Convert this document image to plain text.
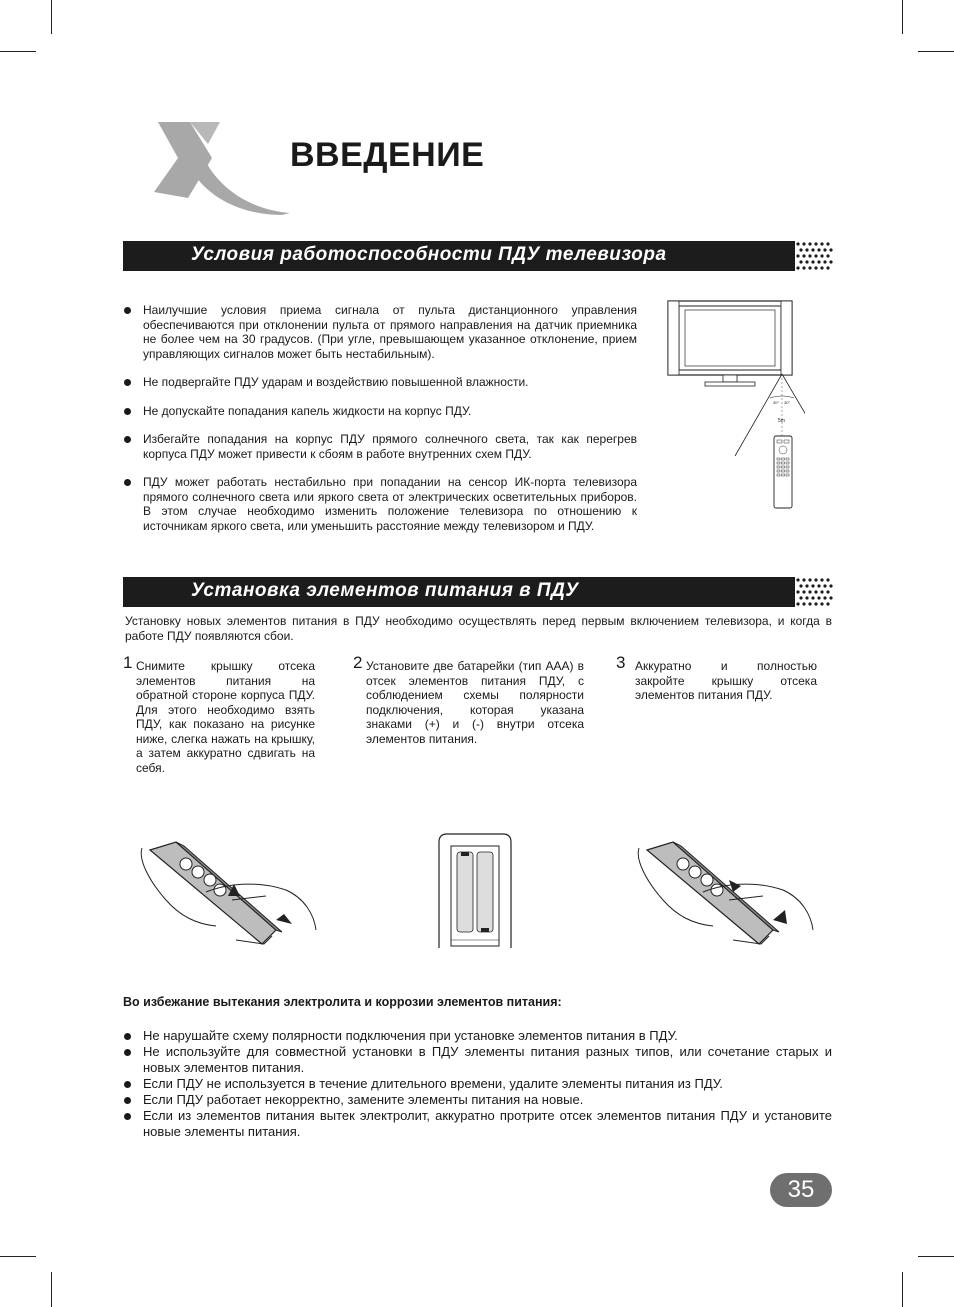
ВВЕДЕНИЕ
Условия работоспособности ПДУ телевизора
Наилучшие условия приема сигнала от пульта дистанционного управления обеспечиваются при отклонении пульта от прямого направления на датчик приемника не более чем на 30 градусов. (При угле, превышающем указанное отклонение, прием управляющих сигналов может быть нестабильным).
Не подвергайте ПДУ ударам и воздействию повышенной влажности.
Не допускайте попадания капель жидкости на корпус ПДУ.
Избегайте попадания на корпус ПДУ прямого солнечного света, так как перегрев корпуса ПДУ может привести к сбоям в работе внутренних схем ПДУ.
ПДУ может работать нестабильно при попадании на сенсор ИК-порта телевизора прямого солнечного света или яркого света от электрических осветительных приборов. В этом случае необходимо изменить положение телевизора по отношению к источникам яркого света, или уменьшить расстояние между телевизором и ПДУ.
30° 30°
5m
Установка элементов питания в ПДУ
Установку новых элементов питания в ПДУ необходимо осуществлять перед первым включением телевизора, и когда в работе ПДУ появляются сбои.
1 Снимите крышку отсека элементов питания на обратной стороне корпуса ПДУ. Для этого необходимо взять ПДУ, как показано на рисунке ниже, слегка нажать на крышку, а затем аккуратно сдвигать на себя.
2 Установите две батарейки (тип AAA) в отсек элементов питания ПДУ, с соблюдением схемы полярности подключения, которая указана знаками (+) и (-) внутри отсека элементов питания.
3 Аккуратно и полностью закройте крышку отсека элементов питания ПДУ.
Во избежание вытекания электролита и коррозии элементов питания:
Не нарушайте схему полярности подключения при установке элементов питания в ПДУ.
Не используйте для совместной установки в ПДУ элементы питания разных типов, или сочетание старых и новых элементов питания.
Если ПДУ не используется в течение длительного времени, удалите элементы питания из ПДУ.
Если ПДУ работает некорректно, замените элементы питания на новые.
Если из элементов питания вытек электролит, аккуратно протрите отсек элементов питания ПДУ и установите новые элементы питания.
35
